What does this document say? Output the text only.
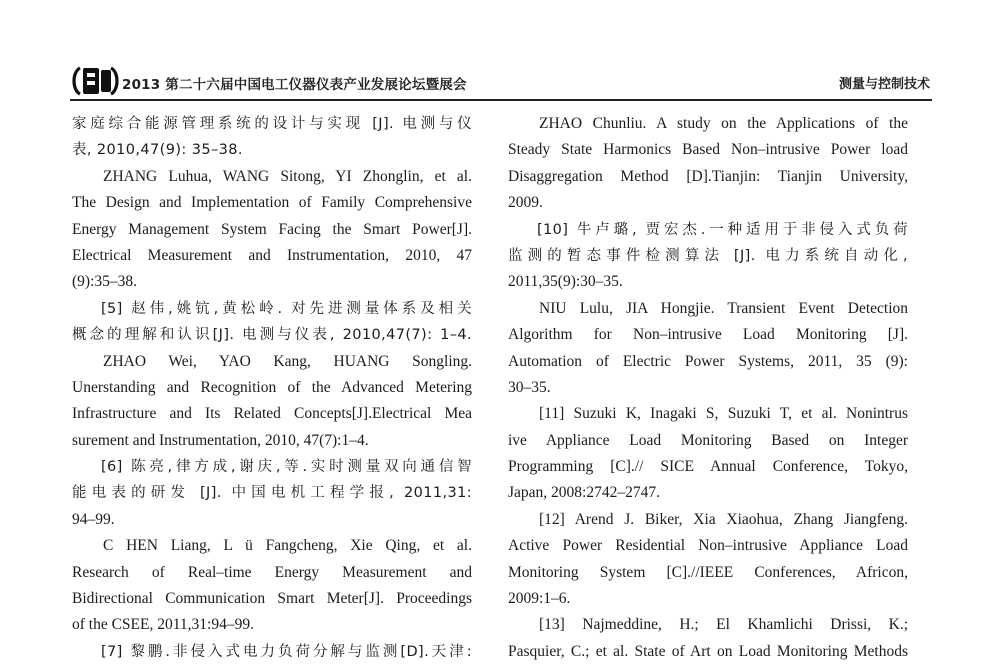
2013 第二十六届中国电工仪器仪表产业发展论坛暨展会	测量与控制技术
家庭综合能源管理系统的设计与实现 [J]. 电测与仪
表, 2010,47(9): 35–38.
ZHANG Luhua, WANG Sitong, YI Zhonglin, et al.
The Design and Implementation of Family Comprehensive
Energy Management System Facing the Smart Power[J].
Electrical Measurement and Instrumentation, 2010, 47
(9):35–38.
[5] 赵伟,姚钪,黄松岭. 对先进测量体系及相关
概念的理解和认识[J]. 电测与仪表, 2010,47(7): 1–4.
ZHAO Wei, YAO Kang, HUANG Songling.
Unerstanding and Recognition of the Advanced Metering
Infrastructure and Its Related Concepts[J].Electrical Mea
surement and Instrumentation, 2010, 47(7):1–4.
[6] 陈亮,律方成,谢庆,等.实时测量双向通信智
能电表的研发 [J]. 中国电机工程学报, 2011,31:
94–99.
C HEN Liang, L ü Fangcheng, Xie Qing, et al.
Research of Real–time Energy Measurement and
Bidirectional Communication Smart Meter[J]. Proceedings
of the CSEE, 2011,31:94–99.
[7] 黎鹏.非侵入式电力负荷分解与监测[D].天津:
ZHAO Chunliu. A study on the Applications of the
Steady State Harmonics Based Non–intrusive Power load
Disaggregation Method [D].Tianjin: Tianjin University,
2009.
[10] 牛卢璐, 贾宏杰.一种适用于非侵入式负荷
监测的暂态事件检测算法 [J]. 电力系统自动化,
2011,35(9):30–35.
NIU Lulu, JIA Hongjie. Transient Event Detection
Algorithm for Non–intrusive Load Monitoring [J].
Automation of Electric Power Systems, 2011, 35 (9):
30–35.
[11] Suzuki K, Inagaki S, Suzuki T, et al. Nonintrus
ive Appliance Load Monitoring Based on Integer
Programming [C].// SICE Annual Conference, Tokyo,
Japan, 2008:2742–2747.
[12] Arend J. Biker, Xia Xiaohua, Zhang Jiangfeng.
Active Power Residential Non–intrusive Appliance Load
Monitoring System [C].//IEEE Conferences, Africon,
2009:1–6.
[13] Najmeddine, H.; El Khamlichi Drissi, K.;
Pasquier, C.; et al. State of Art on Load Monitoring Methods
